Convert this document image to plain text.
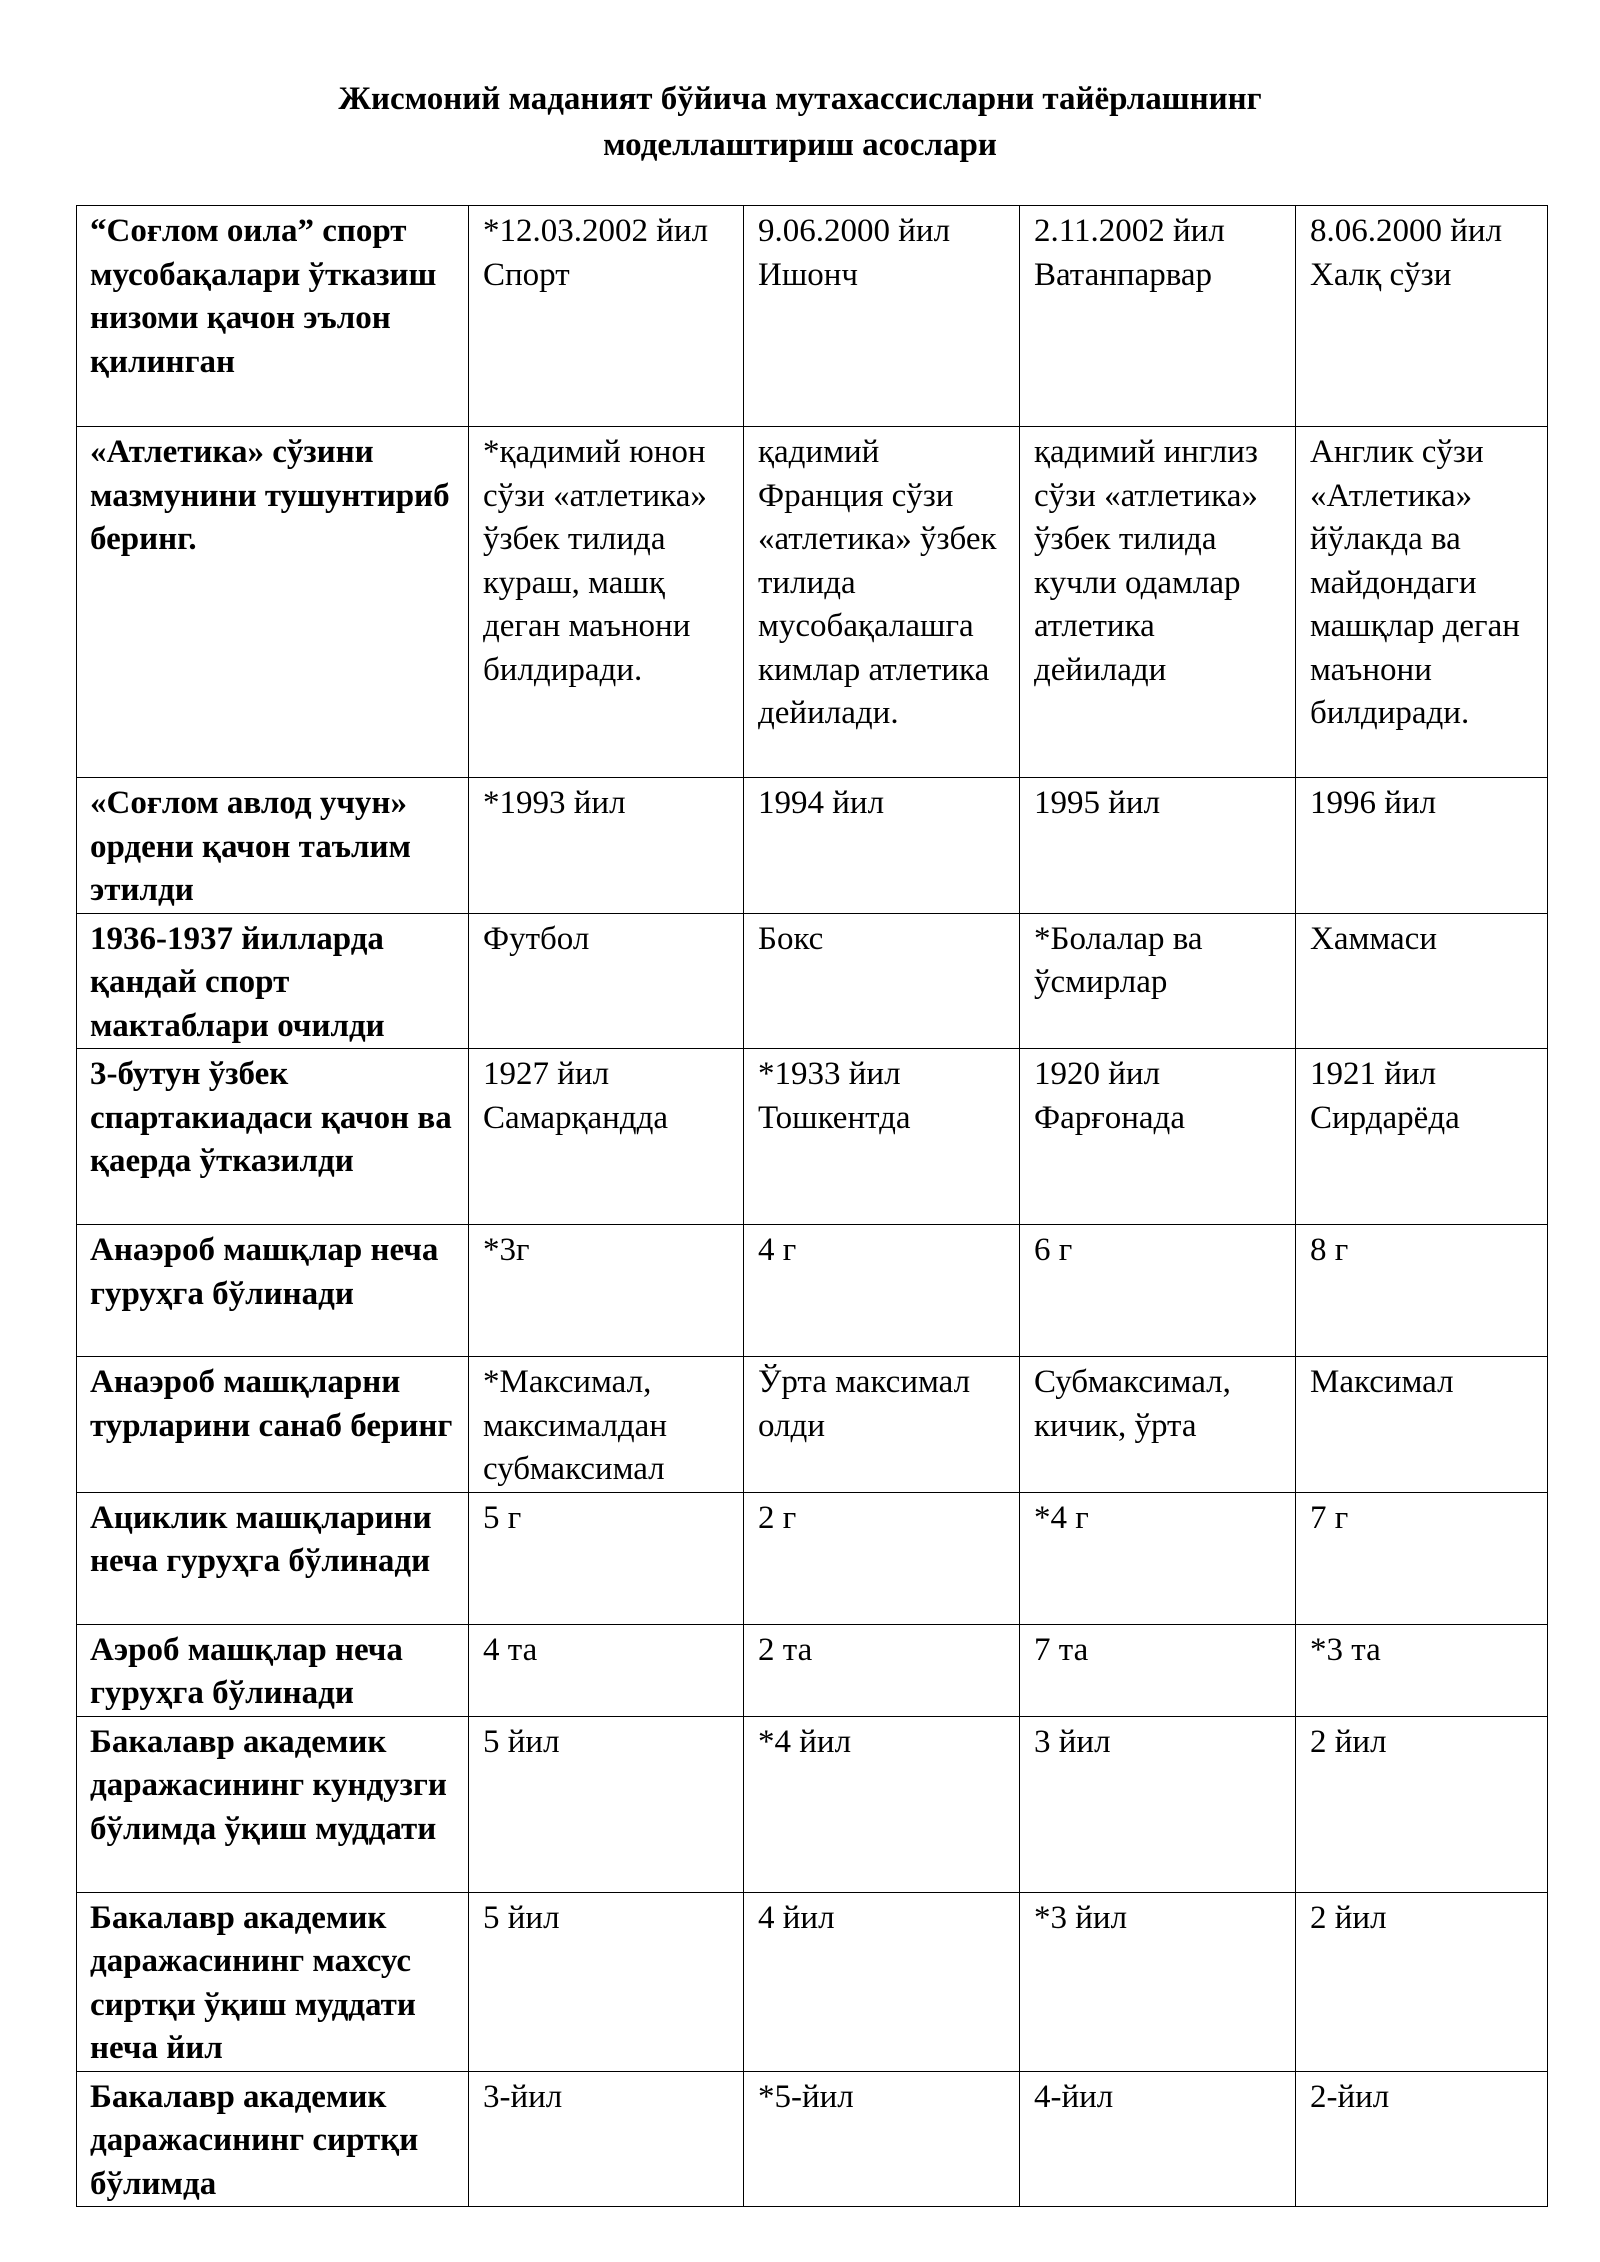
Жисмоний маданият бўйича мутахассисларни тайёрлашнинг
моделлаштириш асослари
“Соғлом оила” спорт мусобақалари ўтказиш низоми қачон эълон қилинган	*12.03.2002 йил Спорт	9.06.2000 йил Ишонч	2.11.2002 йил Ватанпарвар	8.06.2000 йил Халқ сўзи
«Атлетика» сўзини мазмунини тушунтириб беринг.	*қадимий юнон сўзи «атлетика» ўзбек тилида кураш, машқ деган маънони билдиради.	қадимий Франция сўзи «атлетика» ўзбек тилида мусобақалашга кимлар атлетика дейилади.	қадимий инглиз сўзи «атлетика» ўзбек тилида кучли одамлар атлетика дейилади	Англик сўзи «Атлетика» йўлакда ва майдондаги машқлар деган маънони билдиради.
«Соғлом авлод учун» ордени қачон таълим этилди	*1993 йил	1994 йил	1995 йил	1996 йил
1936-1937 йилларда қандай спорт мактаблари очилди	Футбол	Бокс	*Болалар ва ўсмирлар	Хаммаси
3-бутун ўзбек спартакиадаси қачон ва қаерда ўтказилди	1927 йил Самарқандда	*1933 йил Тошкентда	1920 йил Фарғонада	1921 йил Сирдарёда
Анаэроб машқлар неча гуруҳга бўлинади	*3г	4 г	6 г	8 г
Анаэроб машқларни турларини санаб беринг	*Максимал, максималдан субмаксимал	Ўрта максимал олди	Субмаксимал, кичик, ўрта	Максимал
Ациклик машқларини неча гуруҳга бўлинади	5 г	2 г	*4 г	7 г
Аэроб машқлар неча гуруҳга бўлинади	4 та	2 та	7 та	*3 та
Бакалавр академик даражасининг кундузги бўлимда ўқиш муддати	5 йил	*4 йил	3 йил	2 йил
Бакалавр академик даражасининг махсус сиртқи ўқиш муддати неча йил	5 йил	4 йил	*3 йил	2 йил
Бакалавр академик даражасининг сиртқи бўлимда	3-йил	*5-йил	4-йил	2-йил
